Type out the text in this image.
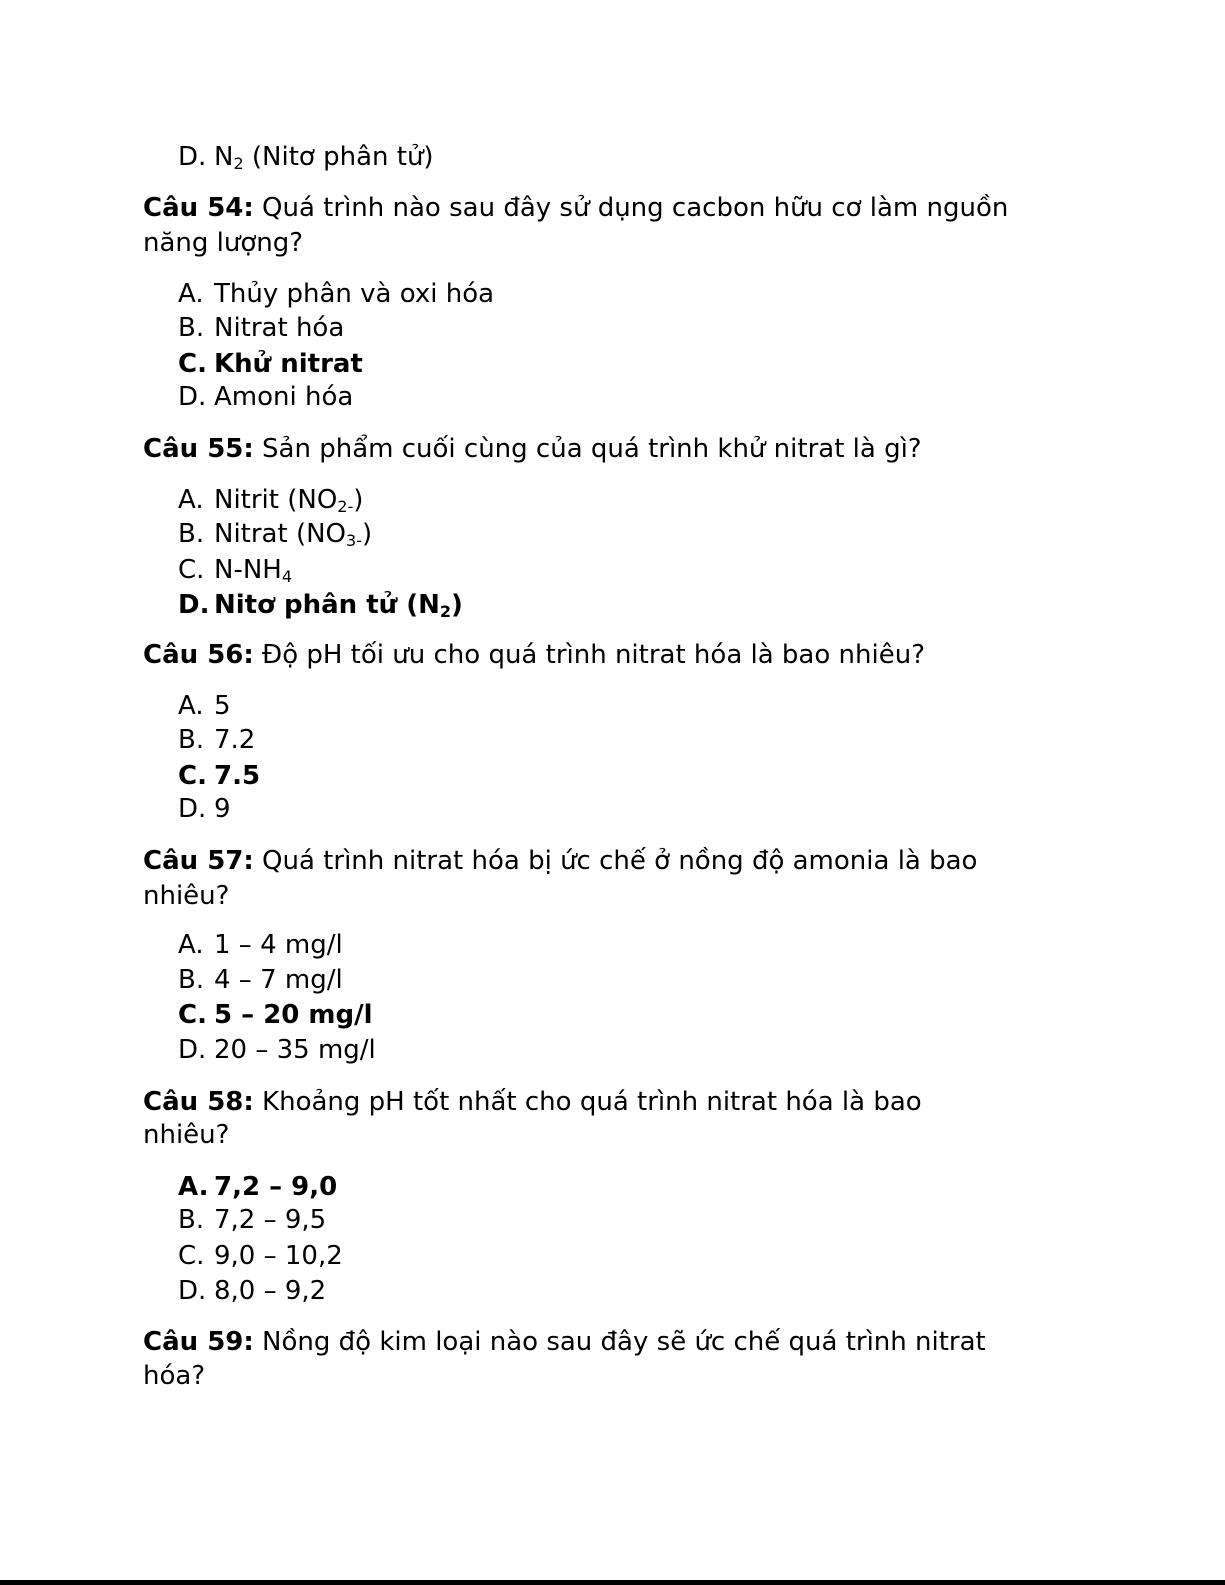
D. $N_2$ (Nitơ phân tử)
Câu 54: Quá trình nào sau đây sử dụng cacbon hữu cơ làm nguồn
năng lượng?
A. Thủy phân và oxi hóa
B. Nitrat hóa
C. Khử nitrat
D. Amoni hóa
Câu 55: Sản phẩm cuối cùng của quá trình khử nitrat là gì?
A. Nitrit $(NO_{2-})$
B. Nitrat $(NO_{3-})$
C. $N-NH_4$
D. Nitơ phân tử $(N_2)$
Câu 56: Độ pH tối ưu cho quá trình nitrat hóa là bao nhiêu?
A. 5
B. 7.2
C. 7.5
D. 9
Câu 57: Quá trình nitrat hóa bị ức chế ở nồng độ amonia là bao
nhiêu?
A. 1 – 4 mg/l
B. 4 – 7 mg/l
C. 5 – 20 mg/l
D. 20 – 35 mg/l
Câu 58: Khoảng pH tốt nhất cho quá trình nitrat hóa là bao
nhiêu?
A. 7,2 – 9,0
B. 7,2 – 9,5
C. 9,0 – 10,2
D. 8,0 – 9,2
Câu 59: Nồng độ kim loại nào sau đây sẽ ức chế quá trình nitrat
hóa?
